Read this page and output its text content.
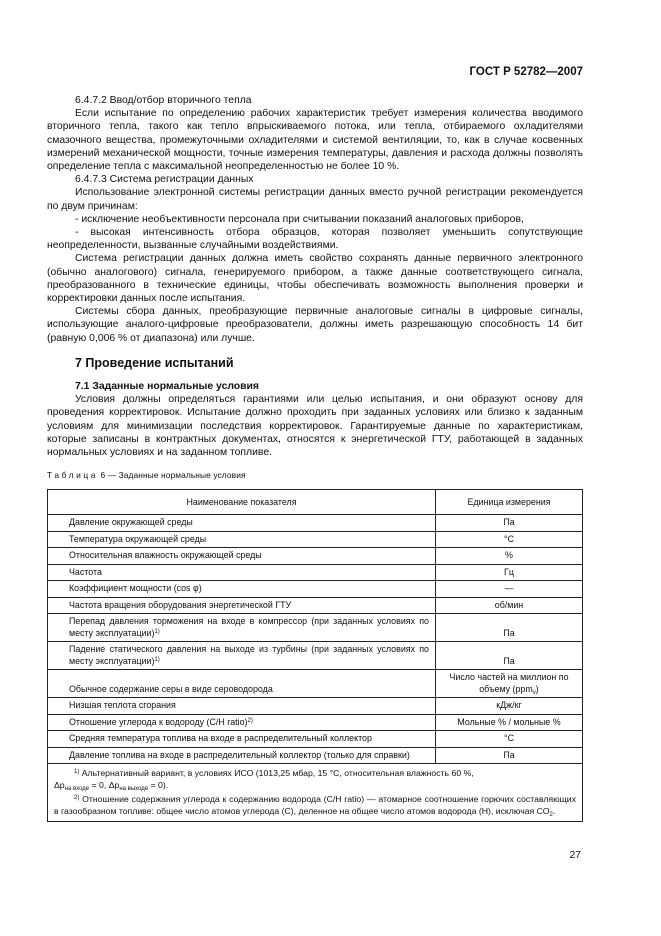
ГОСТ Р 52782—2007

6.4.7.2 Ввод/отбор вторичного тепла

Если испытание по определению рабочих характеристик требует измерения количества вводимого вторичного тепла, такого как тепло впрыскиваемого потока, или тепла, отбираемого охладителями смазочного вещества, промежуточными охладителями и системой вентиляции, то, как в случае косвенных измерений механической мощности, точные измерения температуры, давления и расхода должны позволять определение тепла с максимальной неопределенностью не более 10 %.

6.4.7.3 Система регистрации данных

Использование электронной системы регистрации данных вместо ручной регистрации рекомендуется по двум причинам:

- исключение необъективности персонала при считывании показаний аналоговых приборов,

- высокая интенсивность отбора образцов, которая позволяет уменьшить сопутствующие неопределенности, вызванные случайными воздействиями.

Система регистрации данных должна иметь свойство сохранять данные первичного электронного (обычно аналогового) сигнала, генерируемого прибором, а также данные соответствующего сигнала, преобразованного в технические единицы, чтобы обеспечивать возможность выполнения проверки и корректировки данных после испытания.

Системы сбора данных, преобразующие первичные аналоговые сигналы в цифровые сигналы, использующие аналого-цифровые преобразователи, должны иметь разрешающую способность 14 бит (равную 0,006 % от диапазона) или лучше.

7 Проведение испытаний

7.1 Заданные нормальные условия

Условия должны определяться гарантиями или целью испытания, и они образуют основу для проведения корректировок. Испытание должно проходить при заданных условиях или близко к заданным условиям для минимизации последствия корректировок. Гарантируемые данные по характеристикам, которые записаны в контрактных документах, относятся к энергетической ГТУ, работающей в заданных нормальных условиях и на заданном топливе.

Таблица 6 — Заданные нормальные условия
Наименование показателя	Единица измерения
Давление окружающей среды	Па
Температура окружающей среды	°С
Относительная влажность окружающей среды	%
Частота	Гц
Коэффициент мощности (cos φ)	—
Частота вращения оборудования энергетической ГТУ	об/мин
Перепад давления торможения на входе в компрессор (при заданных условиях по месту эксплуатации)$^{1)}$	Па
Падение статического давления на выходе из турбины (при заданных условиях по месту эксплуатации)$^{1)}$	Па
Обычное содержание серы в виде сероводорода	Число частей на миллион по объему (ppm$_v$)
Низшая теплота сгорания	кДж/кг
Отношение углерода к водороду (C/H ratio)$^{2)}$	Мольные % / мольные %
Средняя температура топлива на входе в распределительный коллектор	°С
Давление топлива на входе в распределительный коллектор (только для справки)	Па
$^{1)}$ Альтернативный вариант, в условиях ИСО (1013,25 мбар, 15 °С, относительная влажность 60 %,
$\Delta p_{на входе} = 0$, $\Delta p_{на выходе} = 0$).	
$^{2)}$ Отношение содержания углерода к содержанию водорода (C/H ratio) — атомарное соотношение горючих составляющих в газообразном топливе: общее число атомов углерода (С), деленное на общее число атомов водорода (Н), исключая $СО_2$.	
27
